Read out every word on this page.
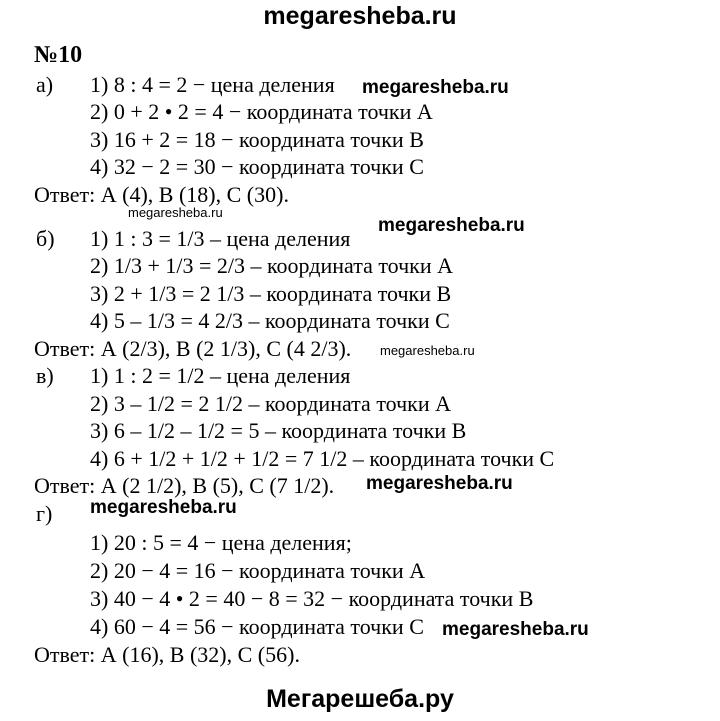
megaresheba.ru
№10
а) 1) 8 : 4 = 2 − цена деления
2) 0 + 2 • 2 = 4 − координата точки А
3) 16 + 2 = 18 − координата точки В
4) 32 − 2 = 30 − координата точки С
Ответ: А (4), В (18), С (30).
б) 1) 1 : 3 = 1/3 – цена деления
2) 1/3 + 1/3 = 2/3 – координата точки А
3) 2 + 1/3 = 2 1/3 – координата точки В
4) 5 – 1/3 = 4 2/3 – координата точки С
Ответ: А (2/3), В (2 1/3), С (4 2/3).
в) 1) 1 : 2 = 1/2 – цена деления
2) 3 – 1/2 = 2 1/2 – координата точки А
3) 6 – 1/2 – 1/2 = 5 – координата точки В
4) 6 + 1/2 + 1/2 + 1/2 = 7 1/2 – координата точки С
Ответ: А (2 1/2), В (5), С (7 1/2).
г)
1) 20 : 5 = 4 − цена деления;
2) 20 − 4 = 16 − координата точки А
3) 40 − 4 • 2 = 40 − 8 = 32 − координата точки В
4) 60 − 4 = 56 − координата точки С
Ответ: А (16), В (32), С (56).
megaresheba.ru
megaresheba.ru
megaresheba.ru
megaresheba.ru
megaresheba.ru
megaresheba.ru
megaresheba.ru
Мегарешеба.ру
